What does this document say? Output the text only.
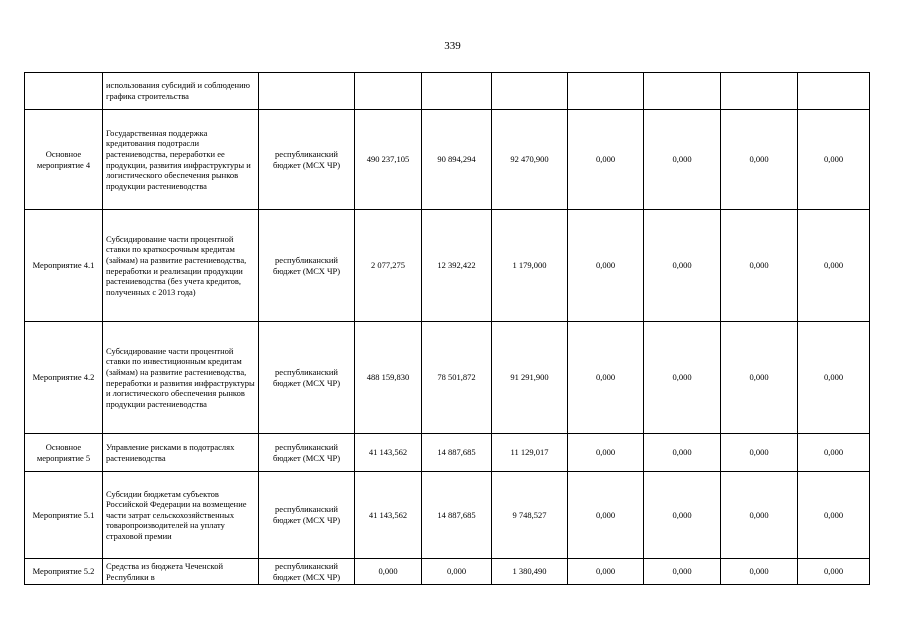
339
	использования субсидий и соблюдению графика строительства								
Основное мероприятие 4	Государственная поддержка кредитования подотрасли растениеводства, переработки ее продукции, развития инфраструктуры и логистического обеспечения рынков продукции растениеводства	республиканский бюджет (МСХ ЧР)	490 237,105	90 894,294	92 470,900	0,000	0,000	0,000	0,000
Мероприятие 4.1	Субсидирование части процентной ставки по краткосрочным кредитам (займам) на развитие растениеводства, переработки и реализации продукции растениеводства (без учета кредитов, полученных с 2013 года)	республиканский бюджет (МСХ ЧР)	2 077,275	12 392,422	1 179,000	0,000	0,000	0,000	0,000
Мероприятие 4.2	Субсидирование части процентной ставки по инвестиционным кредитам (займам) на развитие растениеводства, переработки и развития инфраструктуры и логистического обеспечения рынков продукции растениеводства	республиканский бюджет (МСХ ЧР)	488 159,830	78 501,872	91 291,900	0,000	0,000	0,000	0,000
Основное мероприятие 5	Управление рисками в подотраслях растениеводства	республиканский бюджет (МСХ ЧР)	41 143,562	14 887,685	11 129,017	0,000	0,000	0,000	0,000
Мероприятие 5.1	Субсидии бюджетам субъектов Российской Федерации на возмещение части затрат сельскохозяйственных товаропроизводителей на уплату страховой премии	республиканский бюджет (МСХ ЧР)	41 143,562	14 887,685	9 748,527	0,000	0,000	0,000	0,000
Мероприятие 5.2	Средства из бюджета Чеченской Республики в	республиканский бюджет (МСХ ЧР)	0,000	0,000	1 380,490	0,000	0,000	0,000	0,000
